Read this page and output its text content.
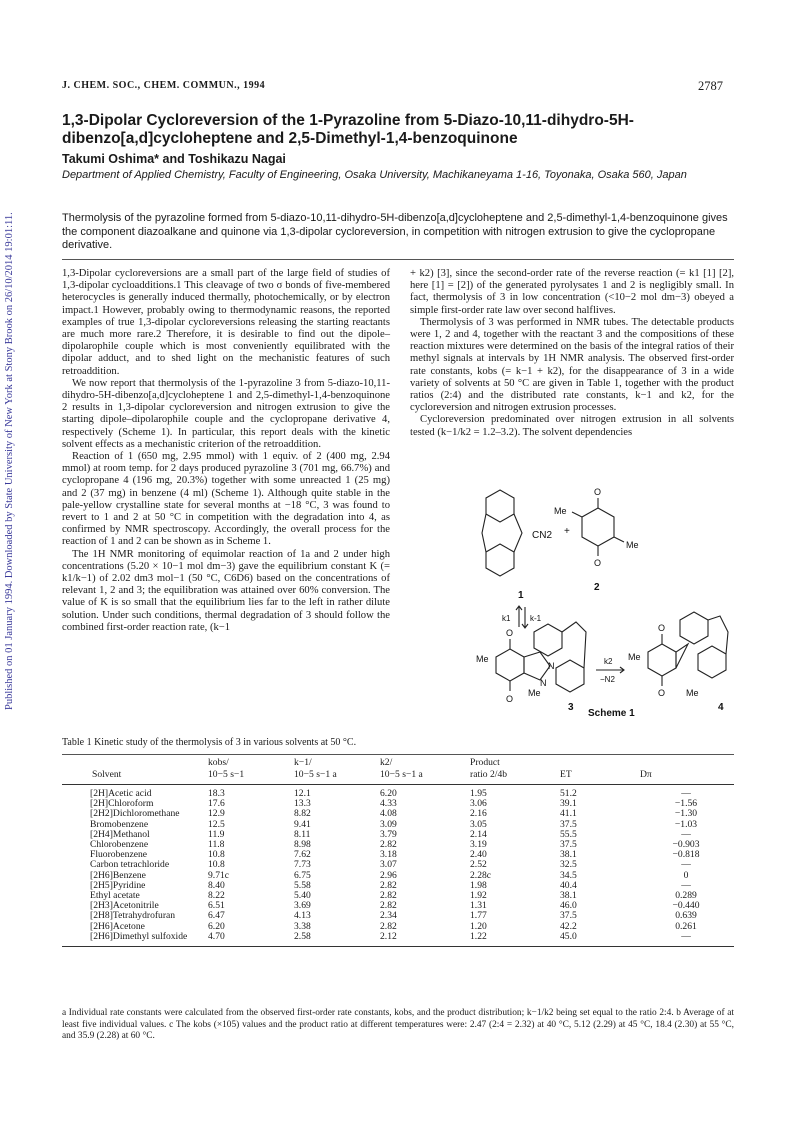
Published on 01 January 1994. Downloaded by State University of New York at Stony Brook on 26/10/2014 19:01:11.
J. CHEM. SOC., CHEM. COMMUN., 1994	2787
1,3-Dipolar Cycloreversion of the 1-Pyrazoline from 5-Diazo-10,11-dihydro-5H-dibenzo[a,d]cycloheptene and 2,5-Dimethyl-1,4-benzoquinone
Takumi Oshima* and Toshikazu Nagai
Department of Applied Chemistry, Faculty of Engineering, Osaka University, Machikaneyama 1-16, Toyonaka, Osaka 560, Japan
Thermolysis of the pyrazoline formed from 5-diazo-10,11-dihydro-5H-dibenzo[a,d]cycloheptene and 2,5-dimethyl-1,4-benzoquinone gives the component diazoalkane and quinone via 1,3-dipolar cycloreversion, in competition with nitrogen extrusion to give the cyclopropane derivative.

1,3-Dipolar cycloreversions are a small part of the large field of studies of 1,3-dipolar cycloadditions.1 This cleavage of two σ bonds of five-membered heterocycles is generally induced thermally, photochemically, or by electron impact.1 However, probably owing to thermodynamic reasons, the reported examples of true 1,3-dipolar cycloreversions releasing the starting reactants are much more rare.2 Therefore, it is desirable to find out the dipole–dipolarophile couple which is most conveniently equilibrated with the dipolar adduct, and to shed light on the mechanistic features of such retroaddition.

We now report that thermolysis of the 1-pyrazoline 3 from 5-diazo-10,11-dihydro-5H-dibenzo[a,d]cycloheptene 1 and 2,5-dimethyl-1,4-benzoquinone 2 results in 1,3-dipolar cycloreversion and nitrogen extrusion to give the starting dipole–dipolarophile couple and the cyclopropane derivative 4, respectively (Scheme 1). In particular, this report deals with the kinetic solvent effects as a mechanistic criterion of the retroaddition.

Reaction of 1 (650 mg, 2.95 mmol) with 1 equiv. of 2 (400 mg, 2.94 mmol) at room temp. for 2 days produced pyrazoline 3 (701 mg, 66.7%) and cyclopropane 4 (196 mg, 20.3%) together with some unreacted 1 (25 mg) and 2 (37 mg) in benzene (4 ml) (Scheme 1). Although quite stable in the pale-yellow crystalline state for several months at −18 °C, 3 was found to revert to 1 and 2 at 50 °C in competition with the degradation into 4, as confirmed by NMR spectroscopy. Accordingly, the overall process for the reaction of 1 and 2 can be shown as in Scheme 1.

The 1H NMR monitoring of equimolar reaction of 1a and 2 under high concentrations (5.20 × 10−1 mol dm−3) gave the equilibrium constant K (= k1/k−1) of 2.02 dm3 mol−1 (50 °C, C6D6) based on the concentrations of relevant 1, 2 and 3; the equilibration was attained over 60% conversion. The value of K is so small that the equilibrium lies far to the left in rather dilute solution. Under such conditions, thermal degradation of 3 should follow the combined first-order reaction rate, (k−1

+ k2) [3], since the second-order rate of the reverse reaction (= k1 [1] [2], here [1] = [2]) of the generated pyrolysates 1 and 2 is negligibly small. In fact, thermolysis of 3 in low concentration (<10−2 mol dm−3) obeyed a simple first-order rate law over second halflives.

Thermolysis of 3 was performed in NMR tubes. The detectable products were 1, 2 and 4, together with the reactant 3 and the compositions of these reaction mixtures were determined on the basis of the integral ratios of their methyl signals at intervals by 1H NMR analysis. The observed first-order rate constants, kobs (= k−1 + k2), for the disappearance of 3 in a wide variety of solvents at 50 °C are given in Table 1, together with the product ratios (2:4) and the distributed rate constants, k−1 and k2, for the cycloreversion and nitrogen extrusion processes.

Cycloreversion predominated over nitrogen extrusion in all solvents tested (k−1/k2 = 1.2–3.2). The solvent dependencies

CN2 +
O
O
Me
Me
1
2
k1 k-1
O
O
Me
Me
N
N
3
k2
−N2
Me
Me
O
O
4
Scheme 1
Table 1 Kinetic study of the thermolysis of 3 in various solvents at 50 °C.
	kobs/	k−1/	k2/	Product		
Solvent	10−5 s−1	10−5 s−1 a	10−5 s−1 a	ratio 2/4b	ET	Dπ
[2H]Acetic acid	18.3	12.1	6.20	1.95	51.2	—
[2H]Chloroform	17.6	13.3	4.33	3.06	39.1	−1.56
[2H2]Dichloromethane	12.9	8.82	4.08	2.16	41.1	−1.30
Bromobenzene	12.5	9.41	3.09	3.05	37.5	−1.03
[2H4]Methanol	11.9	8.11	3.79	2.14	55.5	—
Chlorobenzene	11.8	8.98	2.82	3.19	37.5	−0.903
Fluorobenzene	10.8	7.62	3.18	2.40	38.1	−0.818
Carbon tetrachloride	10.8	7.73	3.07	2.52	32.5	—
[2H6]Benzene	9.71c	6.75	2.96	2.28c	34.5	0
[2H5]Pyridine	8.40	5.58	2.82	1.98	40.4	—
Ethyl acetate	8.22	5.40	2.82	1.92	38.1	0.289
[2H3]Acetonitrile	6.51	3.69	2.82	1.31	46.0	−0.440
[2H8]Tetrahydrofuran	6.47	4.13	2.34	1.77	37.5	0.639
[2H6]Acetone	6.20	3.38	2.82	1.20	42.2	0.261
[2H6]Dimethyl sulfoxide	4.70	2.58	2.12	1.22	45.0	—
a Individual rate constants were calculated from the observed first-order rate constants, kobs, and the product distribution; k−1/k2 being set equal to the ratio 2:4. b Average of at least five individual values. c The kobs (×105) values and the product ratio at different temperatures were: 2.47 (2:4 = 2.32) at 40 °C, 5.12 (2.29) at 45 °C, 18.4 (2.30) at 55 °C, and 35.9 (2.28) at 60 °C.
